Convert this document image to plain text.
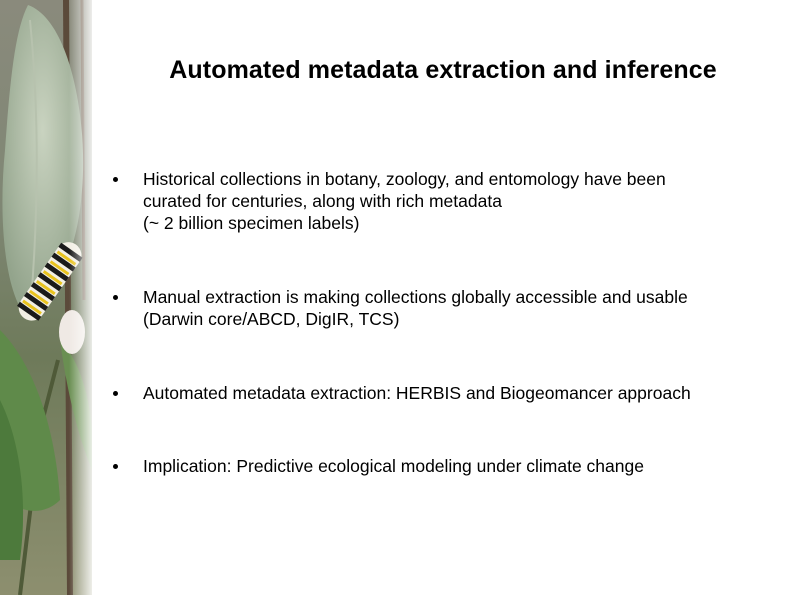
Automated metadata extraction and inference
Historical collections in botany, zoology, and entomology have been
curated for centuries, along with rich metadata
(~ 2 billion specimen labels)
Manual extraction is making collections globally accessible and usable
(Darwin core/ABCD, DigIR, TCS)
Automated metadata extraction: HERBIS and Biogeomancer approach
Implication: Predictive ecological modeling under climate change
